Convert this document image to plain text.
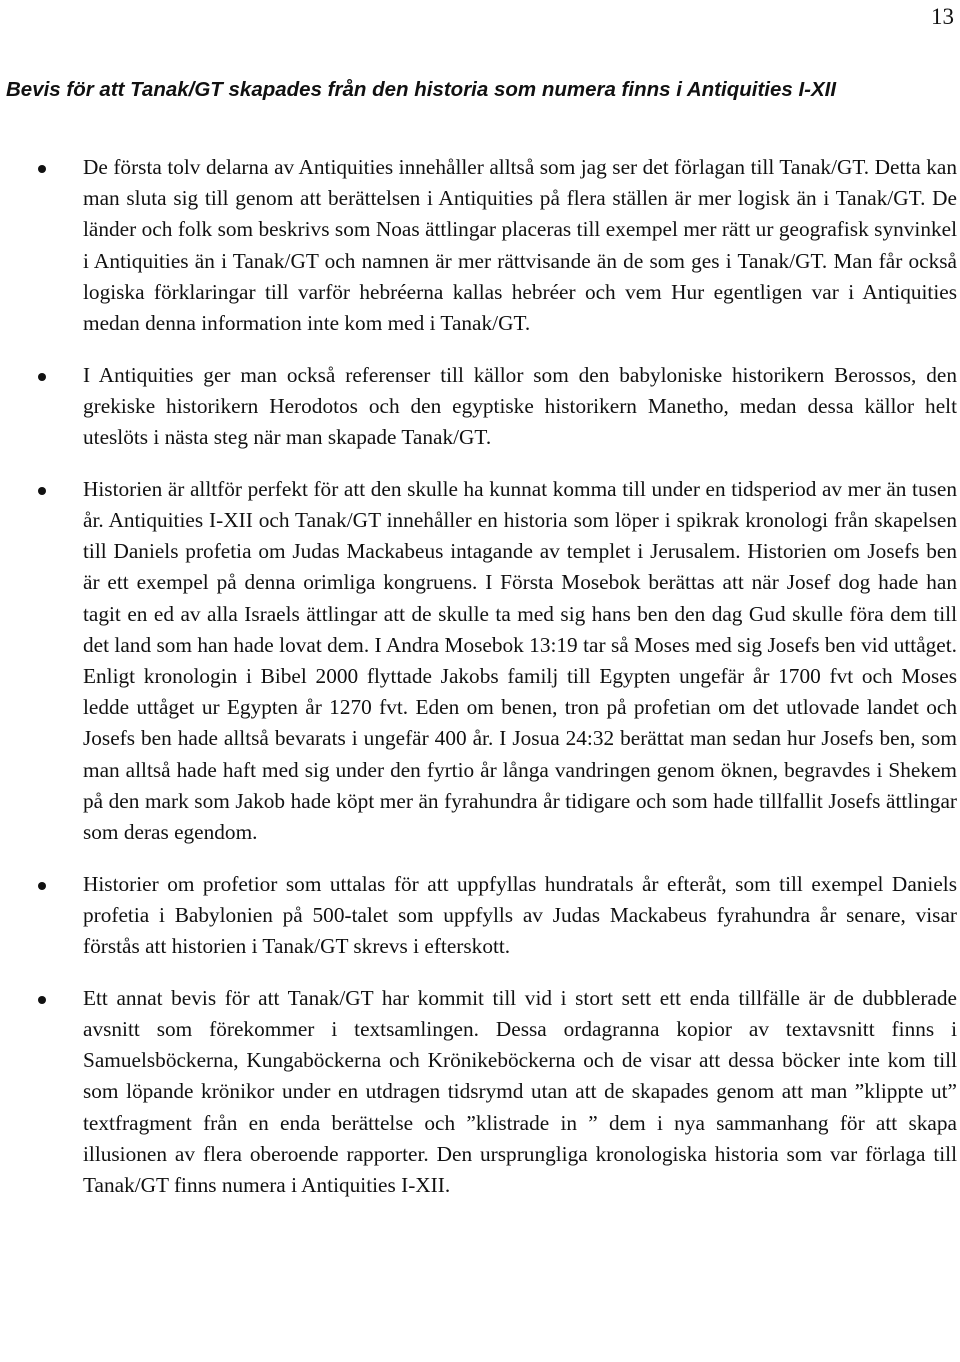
13
Bevis för att Tanak/GT skapades från den historia som numera finns i Antiquities I-XII
De första tolv delarna av Antiquities innehåller alltså som jag ser det förlagan till Tanak/GT. Detta kan man sluta sig till genom att berättelsen i Antiquities på flera ställen är mer logisk än i Tanak/GT. De länder och folk som beskrivs som Noas ättlingar placeras till exempel mer rätt ur geografisk synvinkel i Antiquities än i Tanak/GT och namnen är mer rättvisande än de som ges i Tanak/GT. Man får också logiska förklaringar till varför hebréerna kallas hebréer och vem Hur egentligen var i Antiquities medan denna information inte kom med i Tanak/GT.
I Antiquities ger man också referenser till källor som den babyloniske historikern Berossos, den grekiske historikern Herodotos och den egyptiske historikern Manetho, medan dessa källor helt uteslöts i nästa steg när man skapade Tanak/GT.
Historien är alltför perfekt för att den skulle ha kunnat komma till under en tidsperiod av mer än tusen år. Antiquities I-XII och Tanak/GT innehåller en historia som löper i spikrak kronologi från skapelsen till Daniels profetia om Judas Mackabeus intagande av templet i Jerusalem. Historien om Josefs ben är ett exempel på denna orimliga kongruens. I Första Mosebok berättas att när Josef dog hade han tagit en ed av alla Israels ättlingar att de skulle ta med sig hans ben den dag Gud skulle föra dem till det land som han hade lovat dem. I Andra Mosebok 13:19 tar så Moses med sig Josefs ben vid uttåget. Enligt kronologin i Bibel 2000 flyttade Jakobs familj till Egypten ungefär år 1700 fvt och Moses ledde uttåget ur Egypten år 1270 fvt. Eden om benen, tron på profetian om det utlovade landet och Josefs ben hade alltså bevarats i ungefär 400 år. I Josua 24:32 berättat man sedan hur Josefs ben, som man alltså hade haft med sig under den fyrtio år långa vandringen genom öknen, begravdes i Shekem på den mark som Jakob hade köpt mer än fyrahundra år tidigare och som hade tillfallit Josefs ättlingar som deras egendom.
Historier om profetior som uttalas för att uppfyllas hundratals år efteråt, som till exempel Daniels profetia i Babylonien på 500-talet som uppfylls av Judas Mackabeus fyrahundra år senare, visar förstås att historien i Tanak/GT skrevs i efterskott.
Ett annat bevis för att Tanak/GT har kommit till vid i stort sett ett enda tillfälle är de dubblerade avsnitt som förekommer i textsamlingen. Dessa ordagranna kopior av textavsnitt finns i Samuelsböckerna, Kungaböckerna och Krönikeböckerna och de visar att dessa böcker inte kom till som löpande krönikor under en utdragen tidsrymd utan att de skapades genom att man ”klippte ut” textfragment från en enda berättelse och ”klistrade in ” dem i nya sammanhang för att skapa illusionen av flera oberoende rapporter. Den ursprungliga kronologiska historia som var förlaga till Tanak/GT finns numera i Antiquities I-XII.
